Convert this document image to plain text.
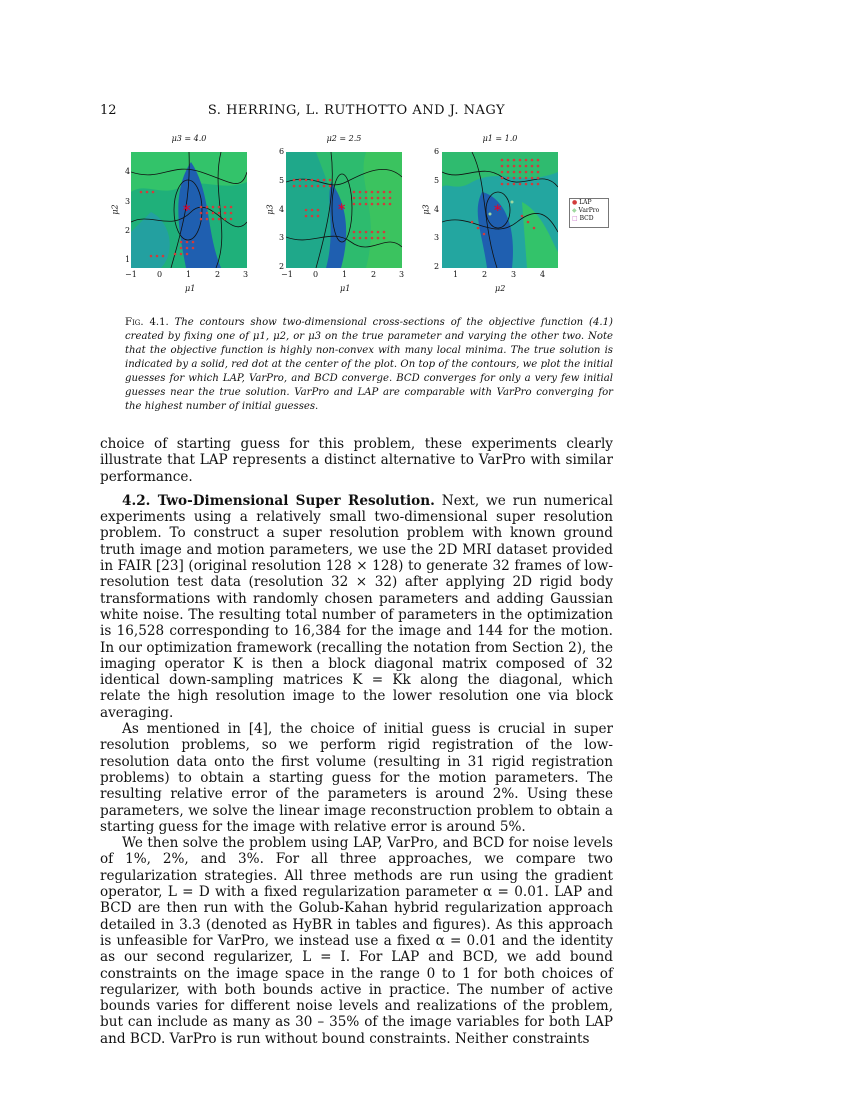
12	S. HERRING, L. RUTHOTTO AND J. NAGY
μ3 = 4.0
*
μ2
μ1
1
2
3
4
−1	0	1	2	3
μ2 = 2.5
*
μ3
μ1
2
3
4
5
6
−1	0	1	2	3
μ1 = 1.0
*
μ3
μ2
2
3
4
5
6
1	2	3	4
● LAP
◆ VarPro
□ BCD
Fig. 4.1. The contours show two-dimensional cross-sections of the objective function (4.1) created by fixing one of μ1, μ2, or μ3 on the true parameter and varying the other two. Note that the objective function is highly non-convex with many local minima. The true solution is indicated by a solid, red dot at the center of the plot. On top of the contours, we plot the initial guesses for which LAP, VarPro, and BCD converge. BCD converges for only a very few initial guesses near the true solution. VarPro and LAP are comparable with VarPro converging for the highest number of initial guesses.

choice of starting guess for this problem, these experiments clearly illustrate that LAP represents a distinct alternative to VarPro with similar performance.

4.2. Two-Dimensional Super Resolution. Next, we run numerical experiments using a relatively small two-dimensional super resolution problem. To construct a super resolution problem with known ground truth image and motion parameters, we use the 2D MRI dataset provided in FAIR [23] (original resolution 128 × 128) to generate 32 frames of low-resolution test data (resolution 32 × 32) after applying 2D rigid body transformations with randomly chosen parameters and adding Gaussian white noise. The resulting total number of parameters in the optimization is 16,528 corresponding to 16,384 for the image and 144 for the motion. In our optimization framework (recalling the notation from Section 2), the imaging operator K is then a block diagonal matrix composed of 32 identical down-sampling matrices K = Kk along the diagonal, which relate the high resolution image to the lower resolution one via block averaging.

As mentioned in [4], the choice of initial guess is crucial in super resolution problems, so we perform rigid registration of the low-resolution data onto the first volume (resulting in 31 rigid registration problems) to obtain a starting guess for the motion parameters. The resulting relative error of the parameters is around 2%. Using these parameters, we solve the linear image reconstruction problem to obtain a starting guess for the image with relative error is around 5%.

We then solve the problem using LAP, VarPro, and BCD for noise levels of 1%, 2%, and 3%. For all three approaches, we compare two regularization strategies. All three methods are run using the gradient operator, L = D with a fixed regularization parameter α = 0.01. LAP and BCD are then run with the Golub-Kahan hybrid regularization approach detailed in 3.3 (denoted as HyBR in tables and figures). As this approach is unfeasible for VarPro, we instead use a fixed α = 0.01 and the identity as our second regularizer, L = I. For LAP and BCD, we add bound constraints on the image space in the range 0 to 1 for both choices of regularizer, with both bounds active in practice. The number of active bounds varies for different noise levels and realizations of the problem, but can include as many as 30 – 35% of the image variables for both LAP and BCD. VarPro is run without bound constraints. Neither constraints
